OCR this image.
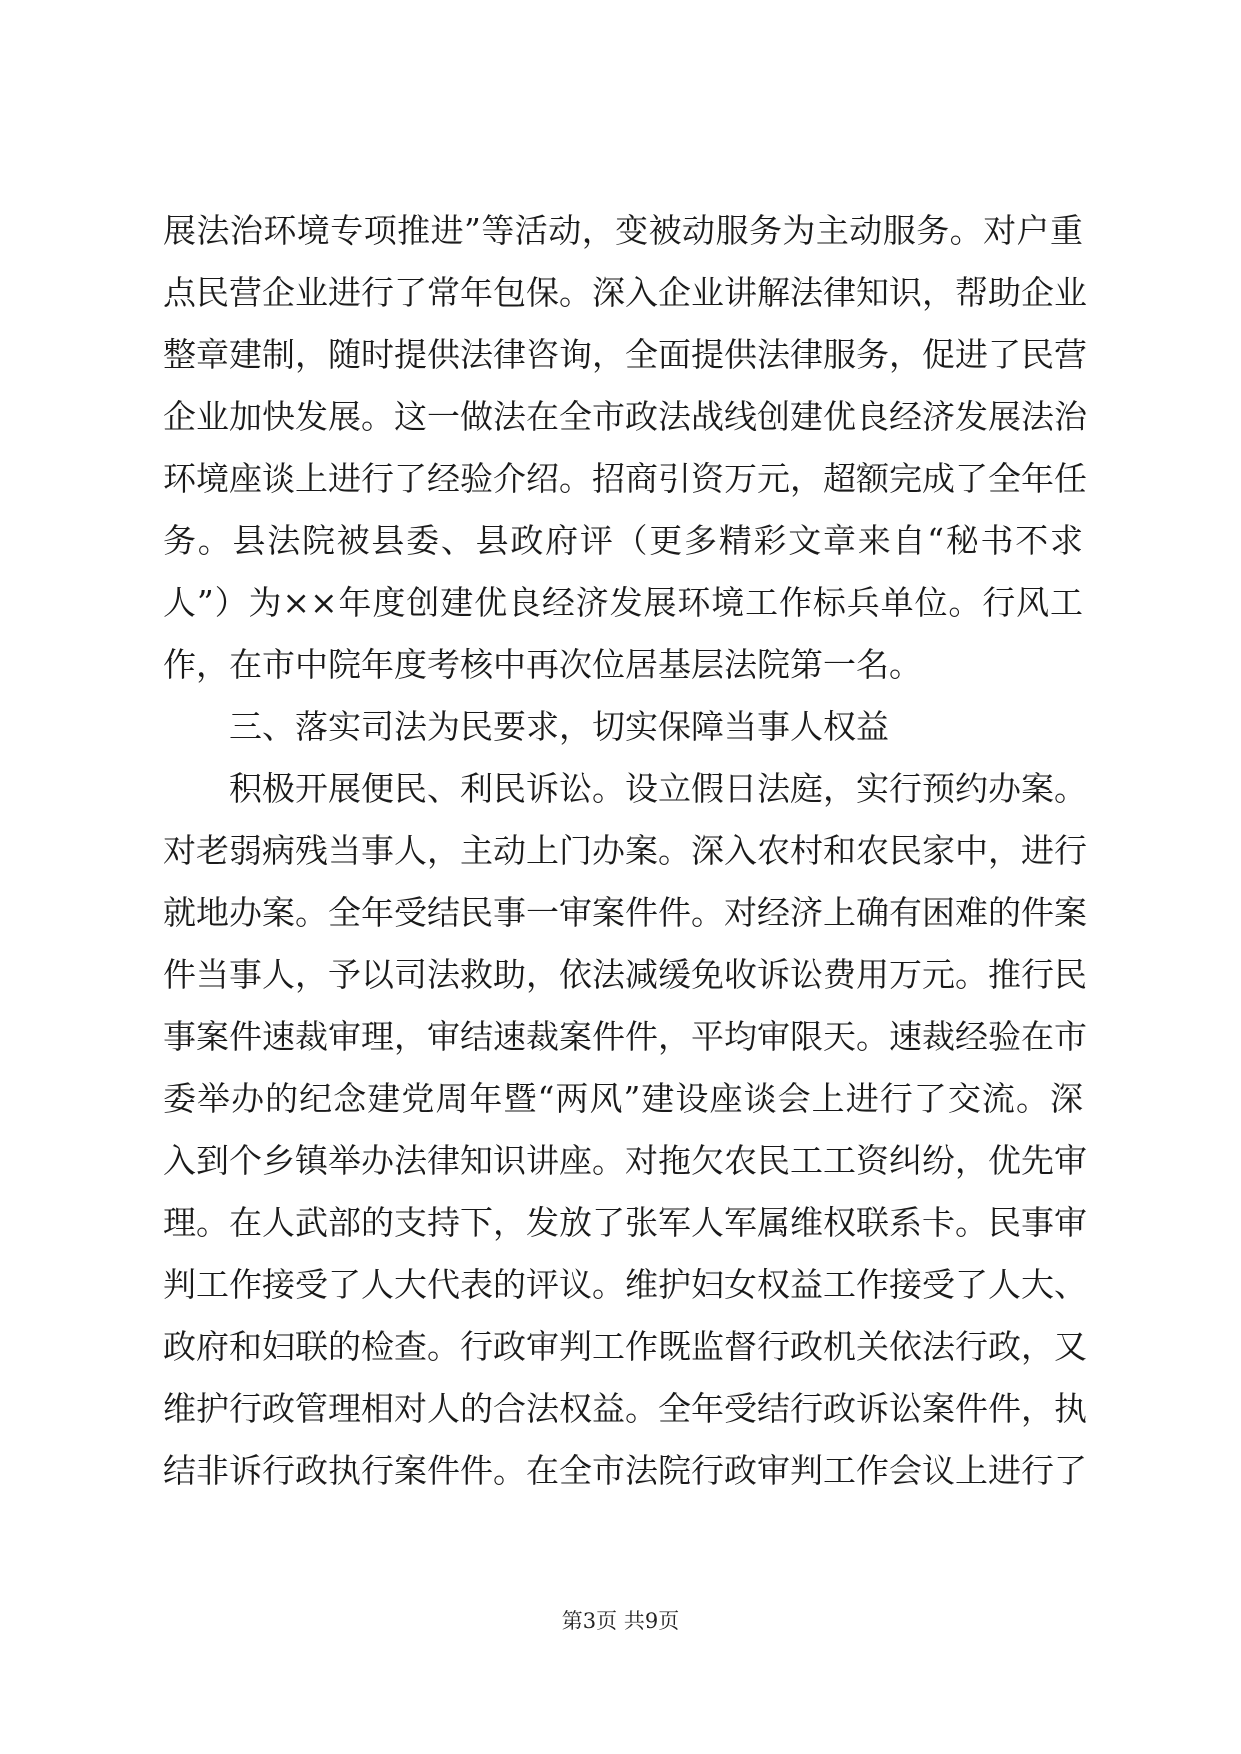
展法治环境专项推进”等活动，变被动服务为主动服务。对户重
点民营企业进行了常年包保。深入企业讲解法律知识，帮助企业
整章建制，随时提供法律咨询，全面提供法律服务，促进了民营
企业加快发展。这一做法在全市政法战线创建优良经济发展法治
环境座谈上进行了经验介绍。招商引资万元，超额完成了全年任
务。县法院被县委、县政府评（更多精彩文章来自“秘书不求
人”）为××年度创建优良经济发展环境工作标兵单位。行风工
作，在市中院年度考核中再次位居基层法院第一名。
三、落实司法为民要求，切实保障当事人权益
积极开展便民、利民诉讼。设立假日法庭，实行预约办案。
对老弱病残当事人，主动上门办案。深入农村和农民家中，进行
就地办案。全年受结民事一审案件件。对经济上确有困难的件案
件当事人，予以司法救助，依法减缓免收诉讼费用万元。推行民
事案件速裁审理，审结速裁案件件，平均审限天。速裁经验在市
委举办的纪念建党周年暨“两风”建设座谈会上进行了交流。深
入到个乡镇举办法律知识讲座。对拖欠农民工工资纠纷，优先审
理。在人武部的支持下，发放了张军人军属维权联系卡。民事审
判工作接受了人大代表的评议。维护妇女权益工作接受了人大、
政府和妇联的检查。行政审判工作既监督行政机关依法行政，又
维护行政管理相对人的合法权益。全年受结行政诉讼案件件，执
结非诉行政执行案件件。在全市法院行政审判工作会议上进行了
第3页 共9页
